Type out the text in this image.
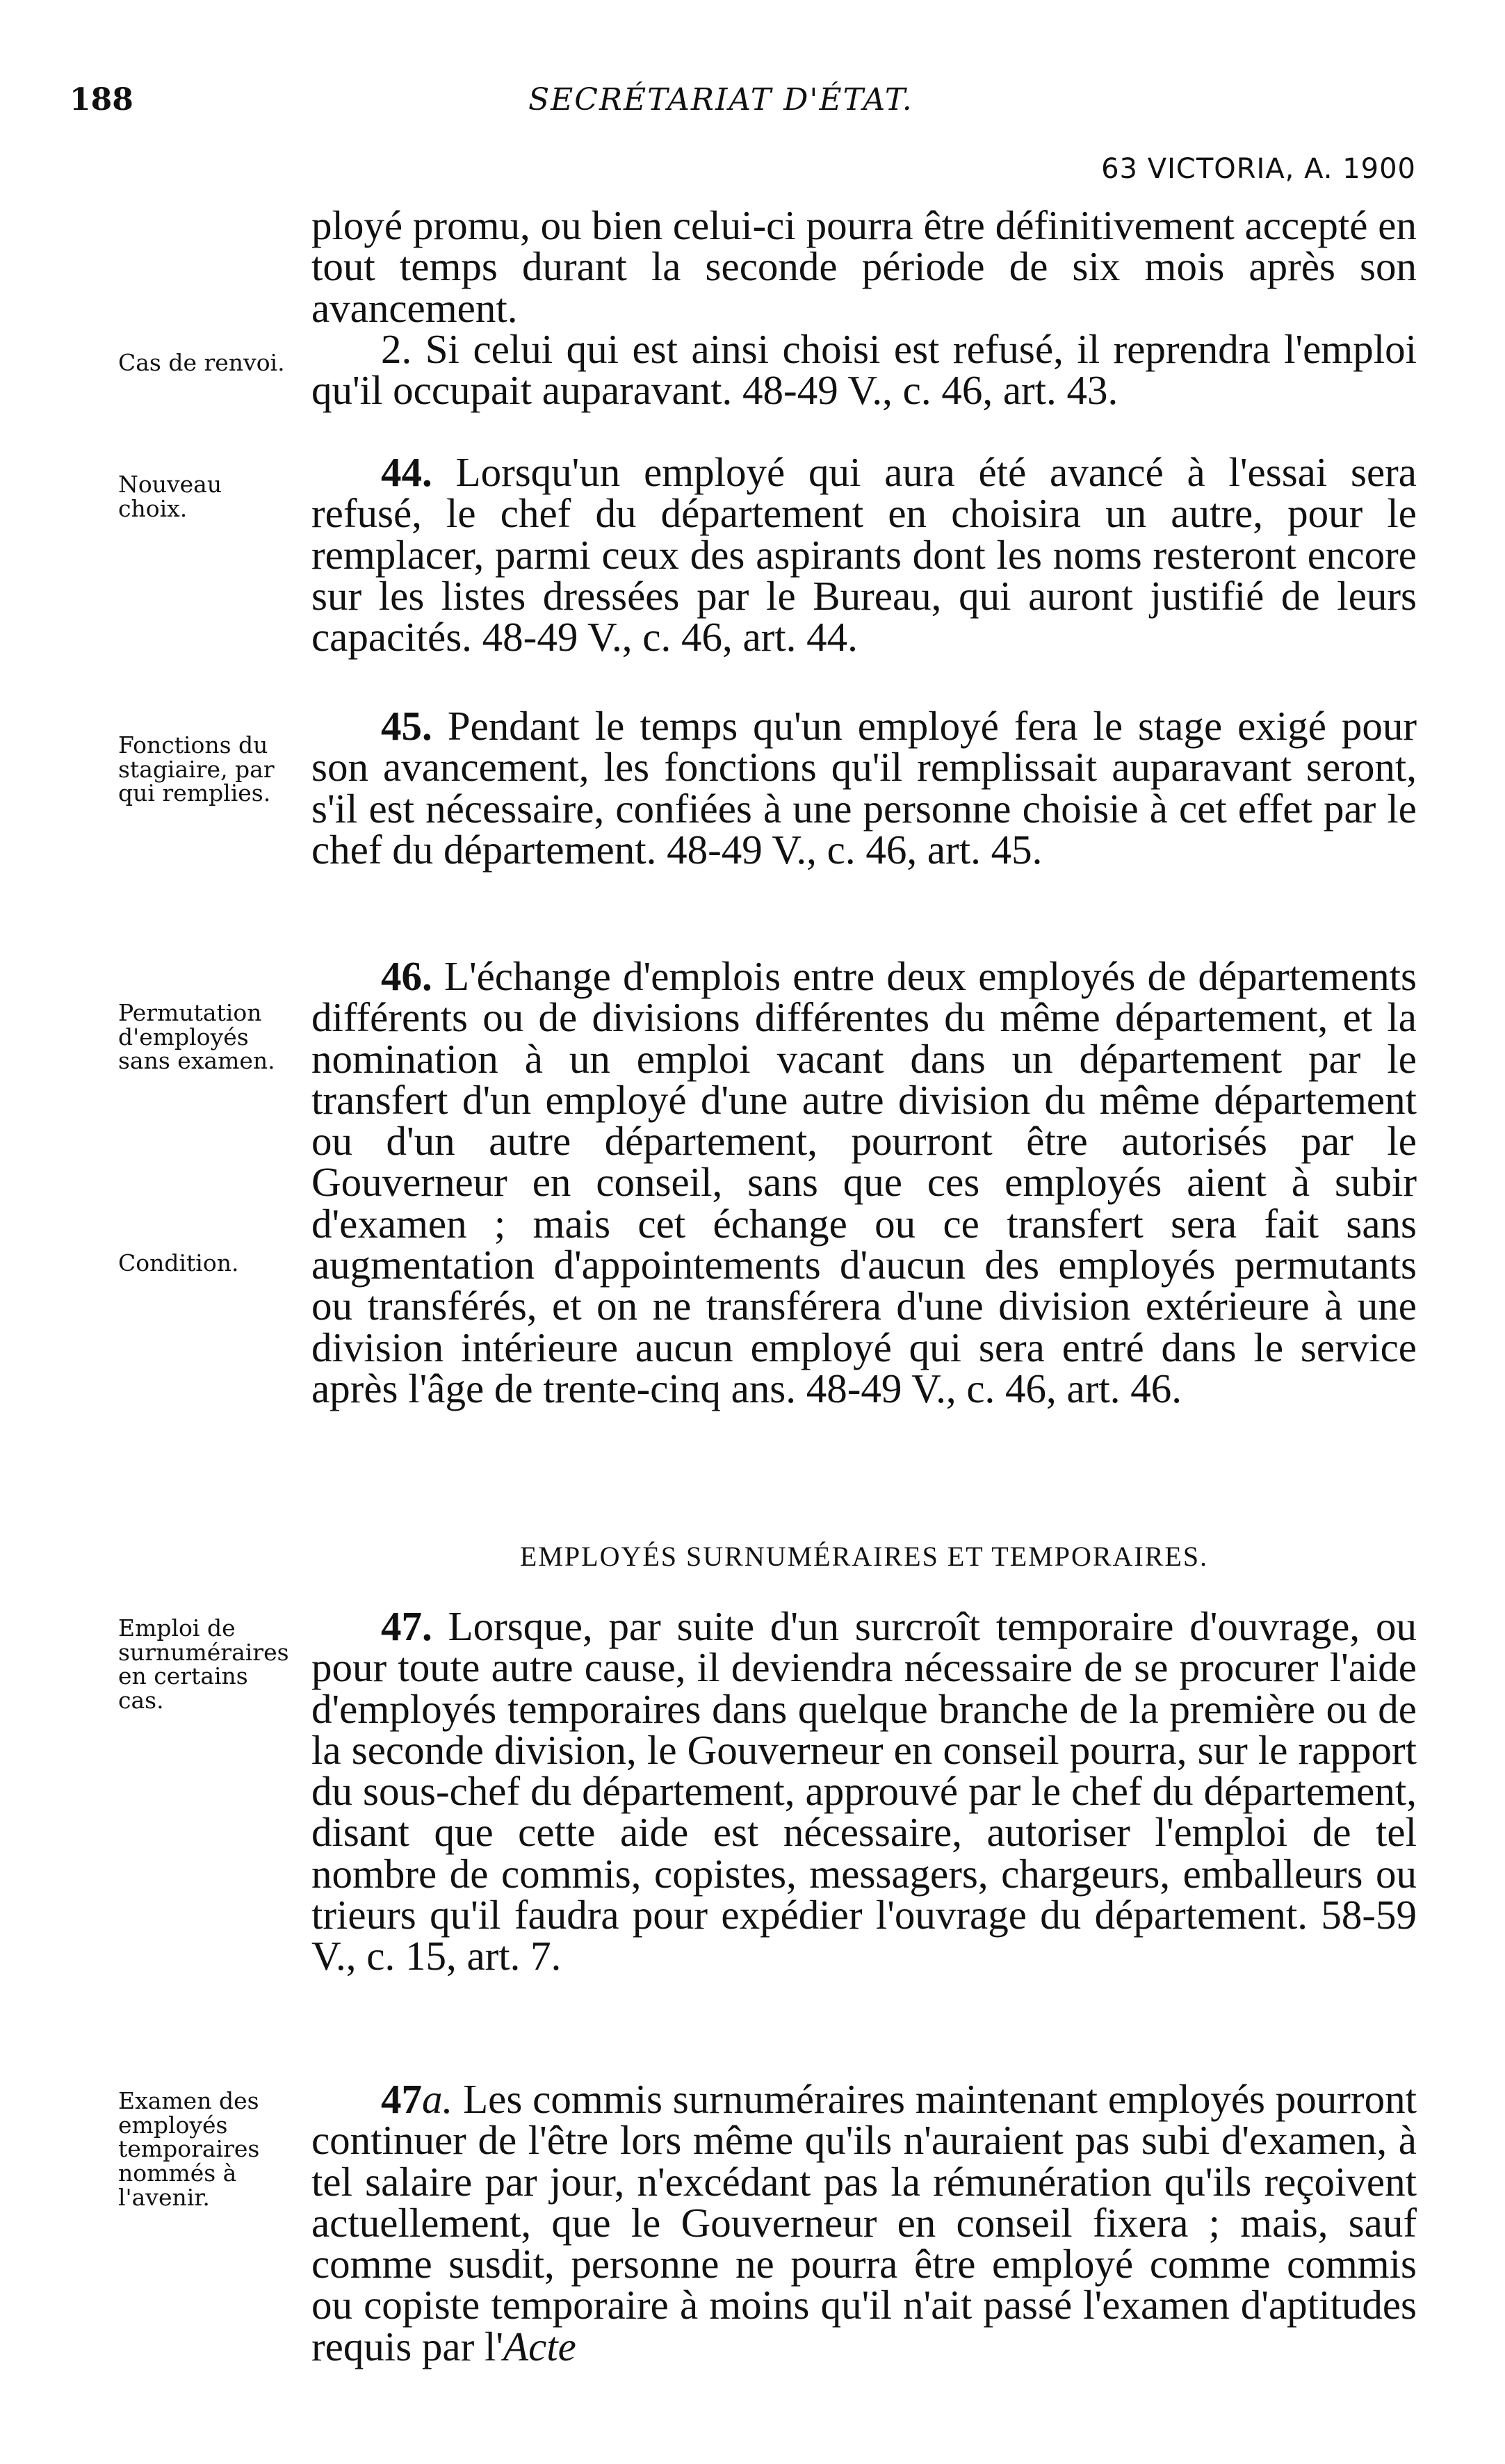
188	SECRÉTARIAT D'ÉTAT.
63 VICTORIA, A. 1900
Cas de renvoi.
Nouveau choix.
Fonctions du stagiaire, par qui remplies.
Permutation d'employés sans examen.
Condition.
Emploi de surnuméraires en certains cas.
Examen des employés temporaires nommés à l'avenir.

ployé promu, ou bien celui-ci pourra être définitivement accepté en tout temps durant la seconde période de six mois après son avancement.

2. Si celui qui est ainsi choisi est refusé, il reprendra l'emploi qu'il occupait auparavant. 48-49 V., c. 46, art. 43.

44. Lorsqu'un employé qui aura été avancé à l'essai sera refusé, le chef du département en choisira un autre, pour le remplacer, parmi ceux des aspirants dont les noms resteront encore sur les listes dressées par le Bureau, qui auront justifié de leurs capacités. 48-49 V., c. 46, art. 44.

45. Pendant le temps qu'un employé fera le stage exigé pour son avancement, les fonctions qu'il remplissait auparavant seront, s'il est nécessaire, confiées à une personne choisie à cet effet par le chef du département. 48-49 V., c. 46, art. 45.

46. L'échange d'emplois entre deux employés de départements différents ou de divisions différentes du même département, et la nomination à un emploi vacant dans un département par le transfert d'un employé d'une autre division du même département ou d'un autre département, pourront être autorisés par le Gouverneur en conseil, sans que ces employés aient à subir d'examen ; mais cet échange ou ce transfert sera fait sans augmentation d'appointements d'aucun des employés permutants ou transférés, et on ne transférera d'une division extérieure à une division intérieure aucun employé qui sera entré dans le service après l'âge de trente-cinq ans. 48-49 V., c. 46, art. 46.

EMPLOYÉS SURNUMÉRAIRES ET TEMPORAIRES.

47. Lorsque, par suite d'un surcroît temporaire d'ouvrage, ou pour toute autre cause, il deviendra nécessaire de se procurer l'aide d'employés temporaires dans quelque branche de la première ou de la seconde division, le Gouverneur en conseil pourra, sur le rapport du sous-chef du département, approuvé par le chef du département, disant que cette aide est nécessaire, autoriser l'emploi de tel nombre de commis, copistes, messagers, chargeurs, emballeurs ou trieurs qu'il faudra pour expédier l'ouvrage du département. 58-59 V., c. 15, art. 7.

47a. Les commis surnuméraires maintenant employés pourront continuer de l'être lors même qu'ils n'auraient pas subi d'examen, à tel salaire par jour, n'excédant pas la rémunération qu'ils reçoivent actuellement, que le Gouverneur en conseil fixera ; mais, sauf comme susdit, personne ne pourra être employé comme commis ou copiste temporaire à moins qu'il n'ait passé l'examen d'aptitudes requis par l'Acte
